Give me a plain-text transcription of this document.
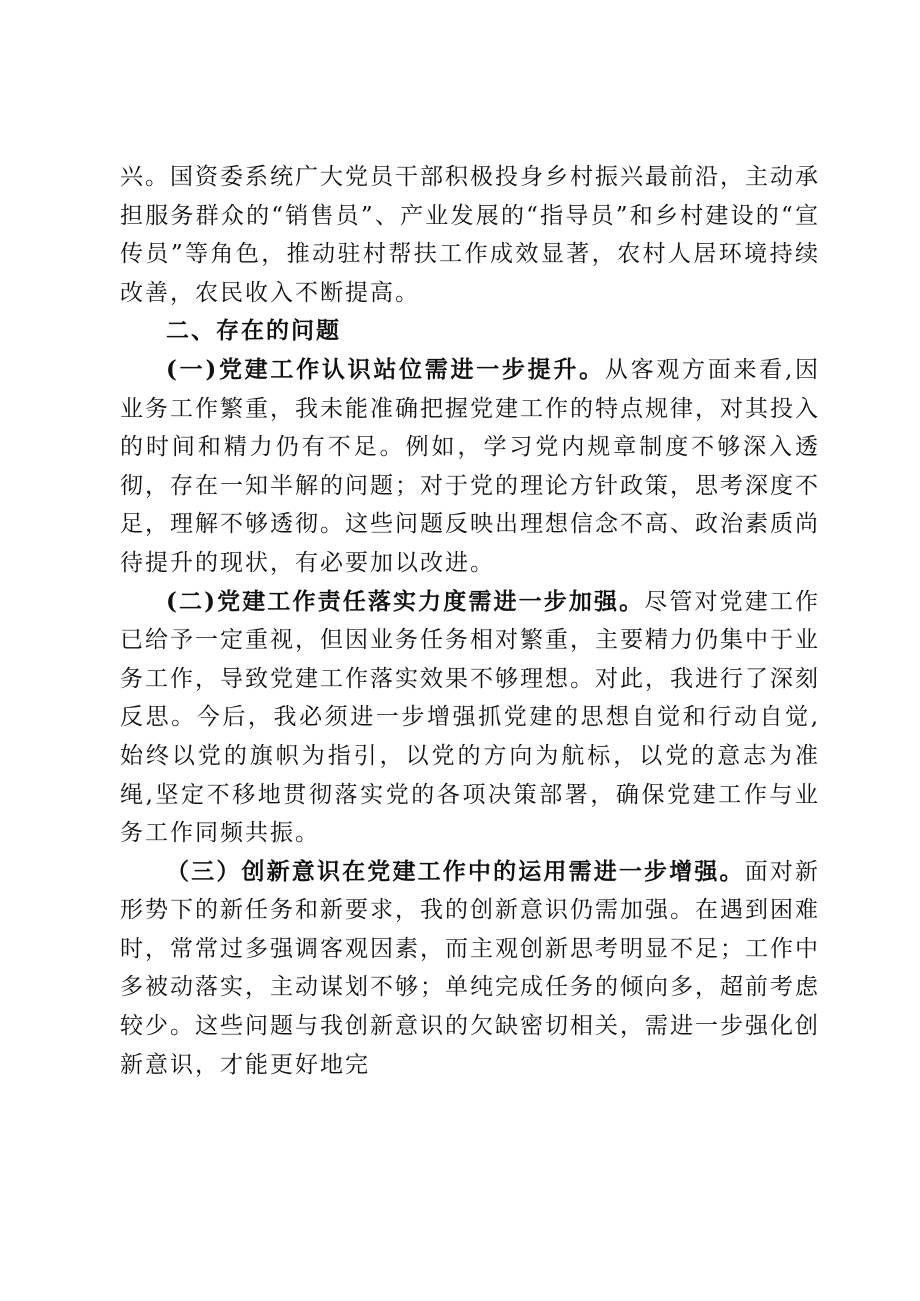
兴。国资委系统广大党员干部积极投身乡村振兴最前沿，主动承担服务群众的“销售员”、产业发展的“指导员”和乡村建设的“宣传员”等角色，推动驻村帮扶工作成效显著，农村人居环境持续改善，农民收入不断提高。

二、存在的问题

(一)党建工作认识站位需进一步提升。从客观方面来看,因业务工作繁重，我未能准确把握党建工作的特点规律，对其投入的时间和精力仍有不足。例如，学习党内规章制度不够深入透彻，存在一知半解的问题；对于党的理论方针政策，思考深度不足，理解不够透彻。这些问题反映出理想信念不高、政治素质尚待提升的现状，有必要加以改进。

(二)党建工作责任落实力度需进一步加强。尽管对党建工作已给予一定重视，但因业务任务相对繁重，主要精力仍集中于业务工作，导致党建工作落实效果不够理想。对此，我进行了深刻反思。今后，我必须进一步增强抓党建的思想自觉和行动自觉,始终以党的旗帜为指引，以党的方向为航标，以党的意志为准绳,坚定不移地贯彻落实党的各项决策部署，确保党建工作与业务工作同频共振。

（三）创新意识在党建工作中的运用需进一步增强。面对新形势下的新任务和新要求，我的创新意识仍需加强。在遇到困难时，常常过多强调客观因素，而主观创新思考明显不足；工作中多被动落实，主动谋划不够；单纯完成任务的倾向多，超前考虑较少。这些问题与我创新意识的欠缺密切相关，需进一步强化创新意识，才能更好地完
